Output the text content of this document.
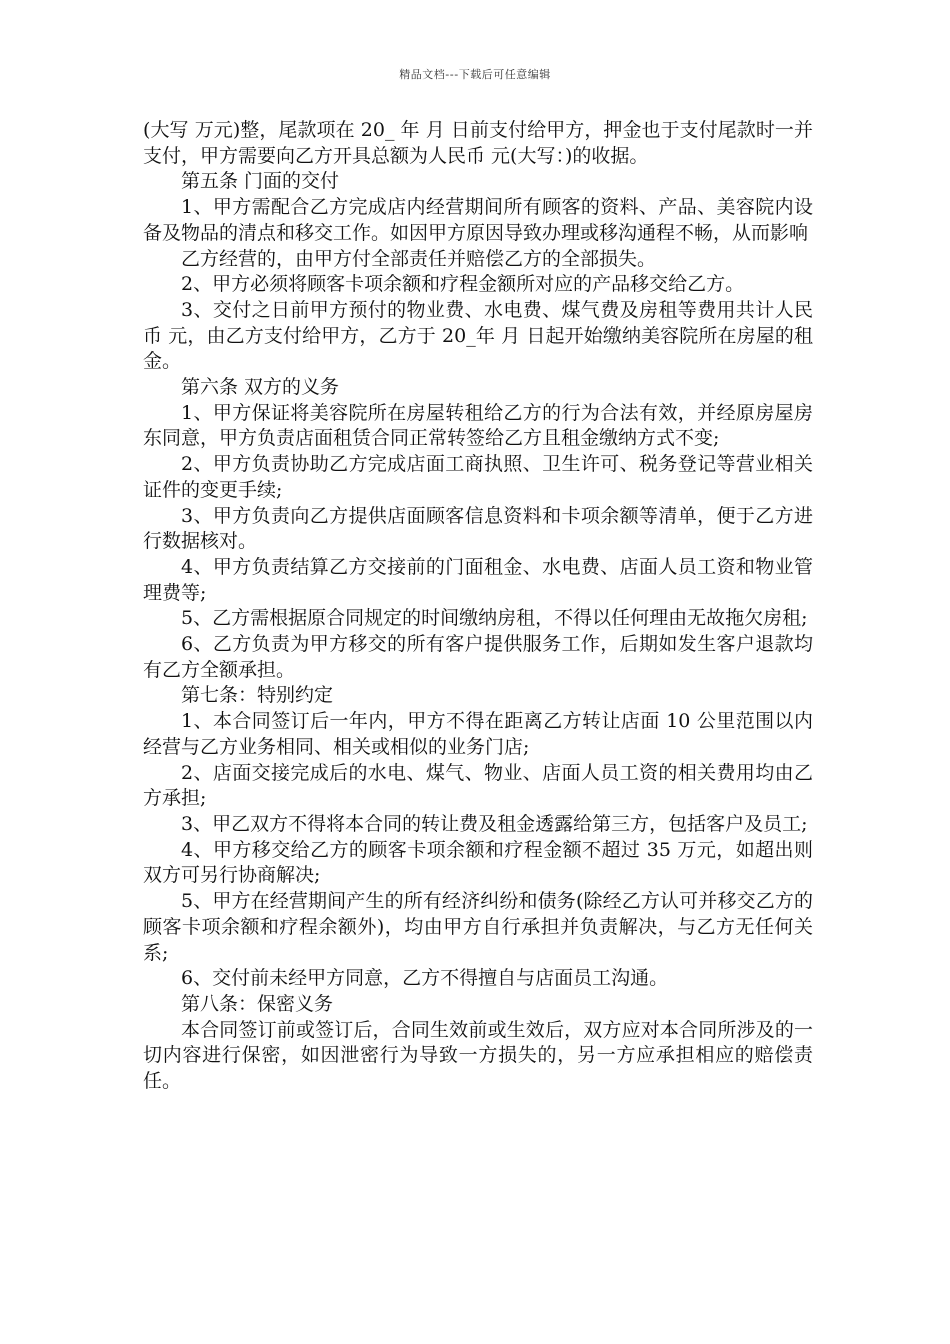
精品文档---下载后可任意编辑

(大写 万元)整，尾款项在 20_ 年 月 日前支付给甲方，押金也于支付尾款时一并支付，甲方需要向乙方开具总额为人民币 元(大写：)的收据。

第五条 门面的交付

1、甲方需配合乙方完成店内经营期间所有顾客的资料、产品、美容院内设备及物品的清点和移交工作。如因甲方原因导致办理或移沟通程不畅，从而影响

乙方经营的，由甲方付全部责任并赔偿乙方的全部损失。

2、甲方必须将顾客卡项余额和疗程金额所对应的产品移交给乙方。

3、交付之日前甲方预付的物业费、水电费、煤气费及房租等费用共计人民币 元，由乙方支付给甲方，乙方于 20_年 月 日起开始缴纳美容院所在房屋的租金。

第六条 双方的义务

1、甲方保证将美容院所在房屋转租给乙方的行为合法有效，并经原房屋房东同意，甲方负责店面租赁合同正常转签给乙方且租金缴纳方式不变;

2、甲方负责协助乙方完成店面工商执照、卫生许可、税务登记等营业相关证件的变更手续;

3、甲方负责向乙方提供店面顾客信息资料和卡项余额等清单，便于乙方进行数据核对。

4、甲方负责结算乙方交接前的门面租金、水电费、店面人员工资和物业管理费等;

5、乙方需根据原合同规定的时间缴纳房租，不得以任何理由无故拖欠房租;

6、乙方负责为甲方移交的所有客户提供服务工作，后期如发生客户退款均有乙方全额承担。

第七条：特别约定

1、本合同签订后一年内，甲方不得在距离乙方转让店面 10 公里范围以内经营与乙方业务相同、相关或相似的业务门店;

2、店面交接完成后的水电、煤气、物业、店面人员工资的相关费用均由乙方承担;

3、甲乙双方不得将本合同的转让费及租金透露给第三方，包括客户及员工;

4、甲方移交给乙方的顾客卡项余额和疗程金额不超过 35 万元，如超出则双方可另行协商解决;

5、甲方在经营期间产生的所有经济纠纷和债务(除经乙方认可并移交乙方的顾客卡项余额和疗程余额外)，均由甲方自行承担并负责解决，与乙方无任何关系;

6、交付前未经甲方同意，乙方不得擅自与店面员工沟通。

第八条：保密义务

本合同签订前或签订后，合同生效前或生效后，双方应对本合同所涉及的一切内容进行保密，如因泄密行为导致一方损失的，另一方应承担相应的赔偿责任。
